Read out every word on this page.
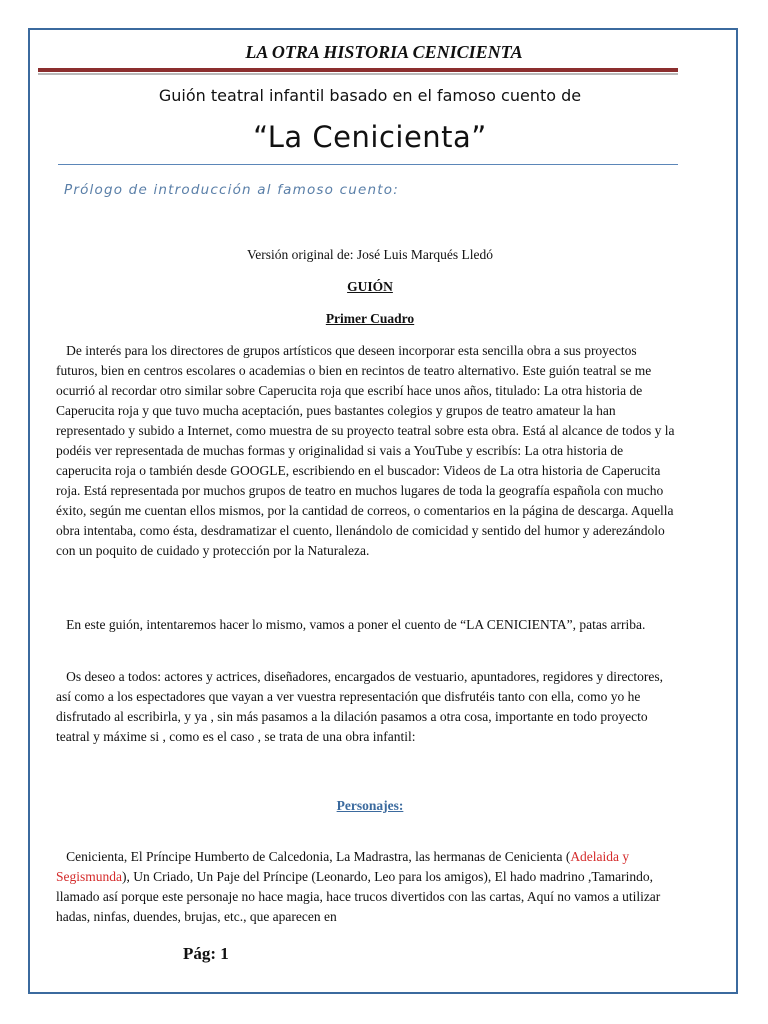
LA OTRA HISTORIA CENICIENTA
Guión teatral infantil basado en el famoso cuento de
“La Cenicienta”
Prólogo de introducción al famoso cuento:
Versión original de: José Luis Marqués Lledó
GUIÓN
Primer Cuadro
De interés para los directores de grupos artísticos que deseen incorporar esta sencilla obra a sus proyectos futuros, bien en centros escolares o academias o bien en recintos de teatro alternativo. Este guión teatral se me ocurrió al recordar otro similar sobre Caperucita roja que escribí hace unos años, titulado: La otra historia de Caperucita roja y que tuvo mucha aceptación, pues bastantes colegios y grupos de teatro amateur la han representado y subido a Internet, como muestra de su proyecto teatral sobre esta obra. Está al alcance de todos y la podéis ver representada de muchas formas y originalidad si vais a YouTube y escribís: La otra historia de caperucita roja o también desde GOOGLE, escribiendo en el buscador: Videos de La otra historia de Caperucita roja. Está representada por muchos grupos de teatro en muchos lugares de toda la geografía española con mucho éxito, según me cuentan ellos mismos, por la cantidad de correos, o comentarios en la página de descarga. Aquella obra intentaba, como ésta, desdramatizar el cuento, llenándolo de comicidad y sentido del humor y aderezándolo con un poquito de cuidado y protección por la Naturaleza.
En este guión, intentaremos hacer lo mismo, vamos a poner el cuento de “LA CENICIENTA”, patas arriba.
Os deseo a todos: actores y actrices, diseñadores, encargados de vestuario, apuntadores, regidores y directores, así como a los espectadores que vayan a ver vuestra representación que disfrutéis tanto con ella, como yo he disfrutado al escribirla, y ya , sin más pasamos a la dilación pasamos a otra cosa, importante en todo proyecto teatral y máxime si , como es el caso , se trata de una obra infantil:
Personajes:
Cenicienta, El Príncipe Humberto de Calcedonia, La Madrastra, las hermanas de Cenicienta (Adelaida y Segismunda), Un Criado, Un Paje del Príncipe (Leonardo, Leo para los amigos), El hado madrino ,Tamarindo, llamado así porque este personaje no hace magia, hace trucos divertidos con las cartas, Aquí no vamos a utilizar hadas, ninfas, duendes, brujas, etc., que aparecen en
Pág: 1
